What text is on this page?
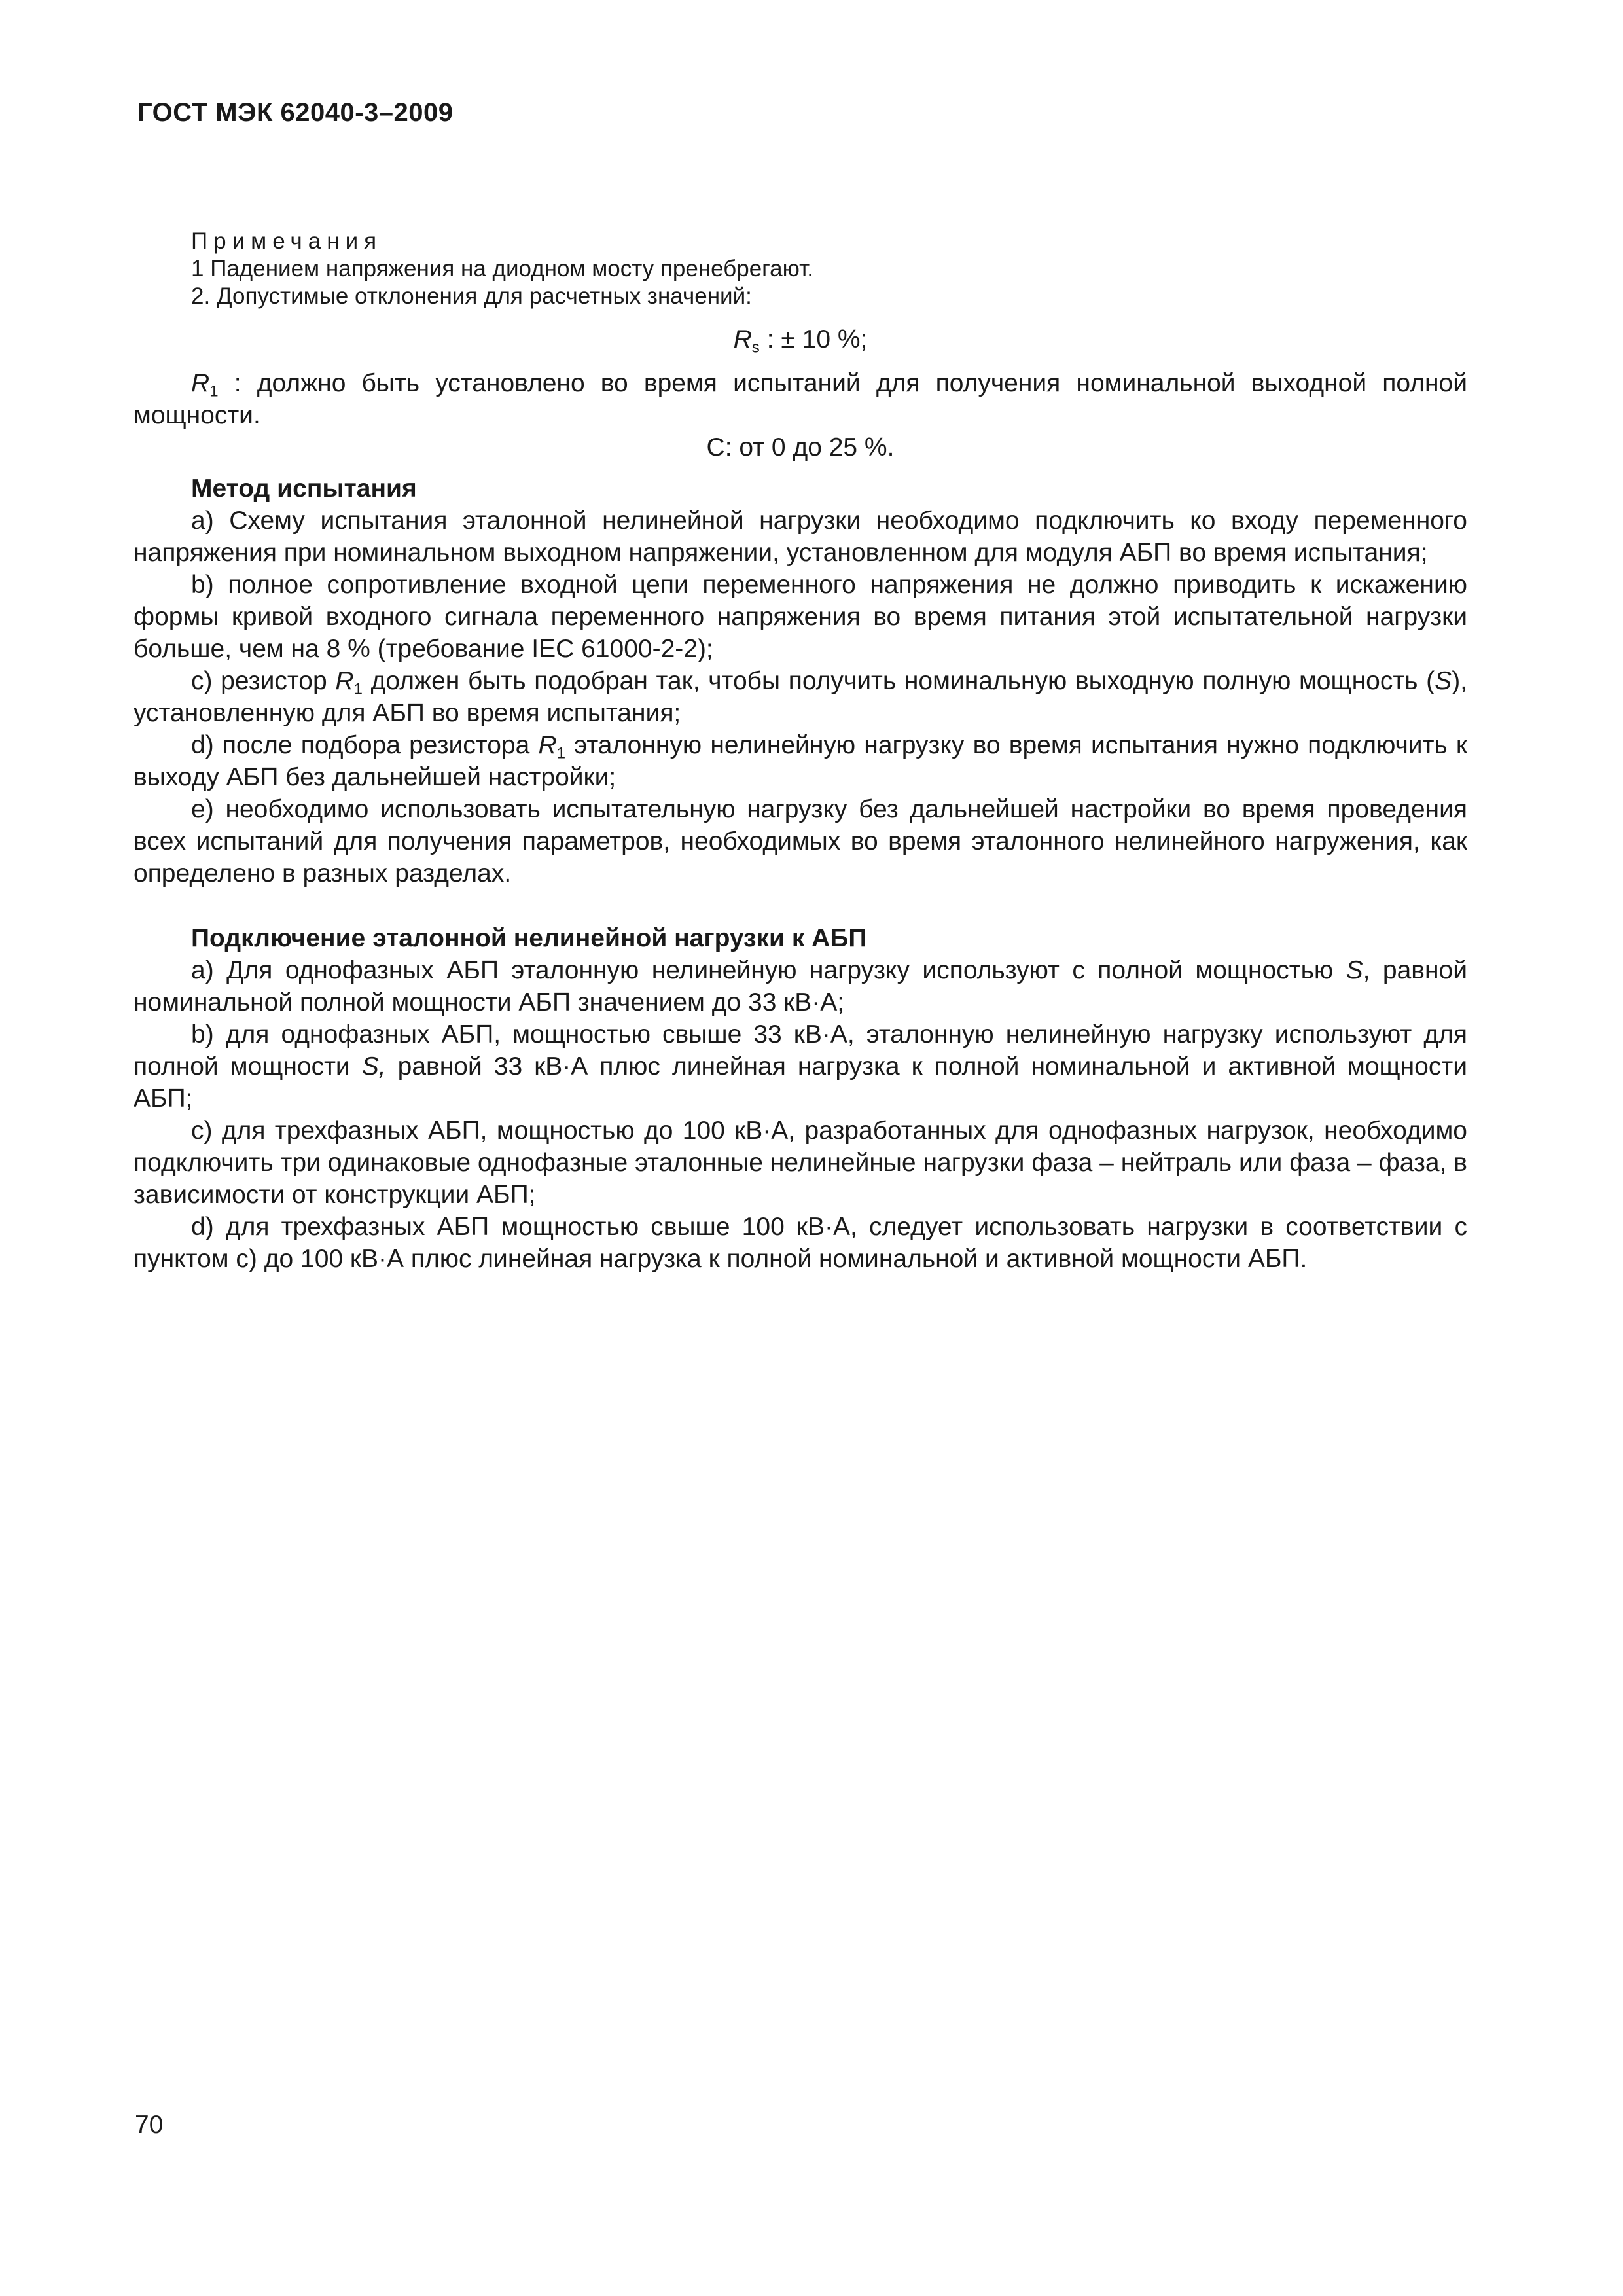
ГОСТ МЭК 62040-3–2009

Примечания

1 Падением напряжения на диодном мосту пренебрегают.

2. Допустимые отклонения для расчетных значений:

$R_s$ : ± 10 %;

$R_1$ : должно быть установлено во время испытаний для получения номинальной выходной полной мощности.

С: от 0 до 25 %.

Метод испытания

a) Схему испытания эталонной нелинейной нагрузки необходимо подключить ко входу переменного напряжения при номинальном выходном напряжении, установленном для модуля АБП во время испытания;

b) полное сопротивление входной цепи переменного напряжения не должно приводить к искажению формы кривой входного сигнала переменного напряжения во время питания этой испытательной нагрузки больше, чем на 8 % (требование IEC 61000-2-2);

c) резистор $R_1$ должен быть подобран так, чтобы получить номинальную выходную полную мощность (S), установленную для АБП во время испытания;

d) после подбора резистора $R_1$ эталонную нелинейную нагрузку во время испытания нужно подключить к выходу АБП без дальнейшей настройки;

e) необходимо использовать испытательную нагрузку без дальнейшей настройки во время проведения всех испытаний для получения параметров, необходимых во время эталонного нелинейного нагружения, как определено в разных разделах.

Подключение эталонной нелинейной нагрузки к АБП

a) Для однофазных АБП эталонную нелинейную нагрузку используют с полной мощностью S, равной номинальной полной мощности АБП значением до 33 кВ·А;

b) для однофазных АБП, мощностью свыше 33 кВ·А, эталонную нелинейную нагрузку используют для полной мощности S, равной 33 кВ·А плюс линейная нагрузка к полной номинальной и активной мощности АБП;

c) для трехфазных АБП, мощностью до 100 кВ·А, разработанных для однофазных нагрузок, необходимо подключить три одинаковые однофазные эталонные нелинейные нагрузки фаза – нейтраль или фаза – фаза, в зависимости от конструкции АБП;

d) для трехфазных АБП мощностью свыше 100 кВ·А, следует использовать нагрузки в соответствии с пунктом c) до 100 кВ·А плюс линейная нагрузка к полной номинальной и активной мощности АБП.

70
